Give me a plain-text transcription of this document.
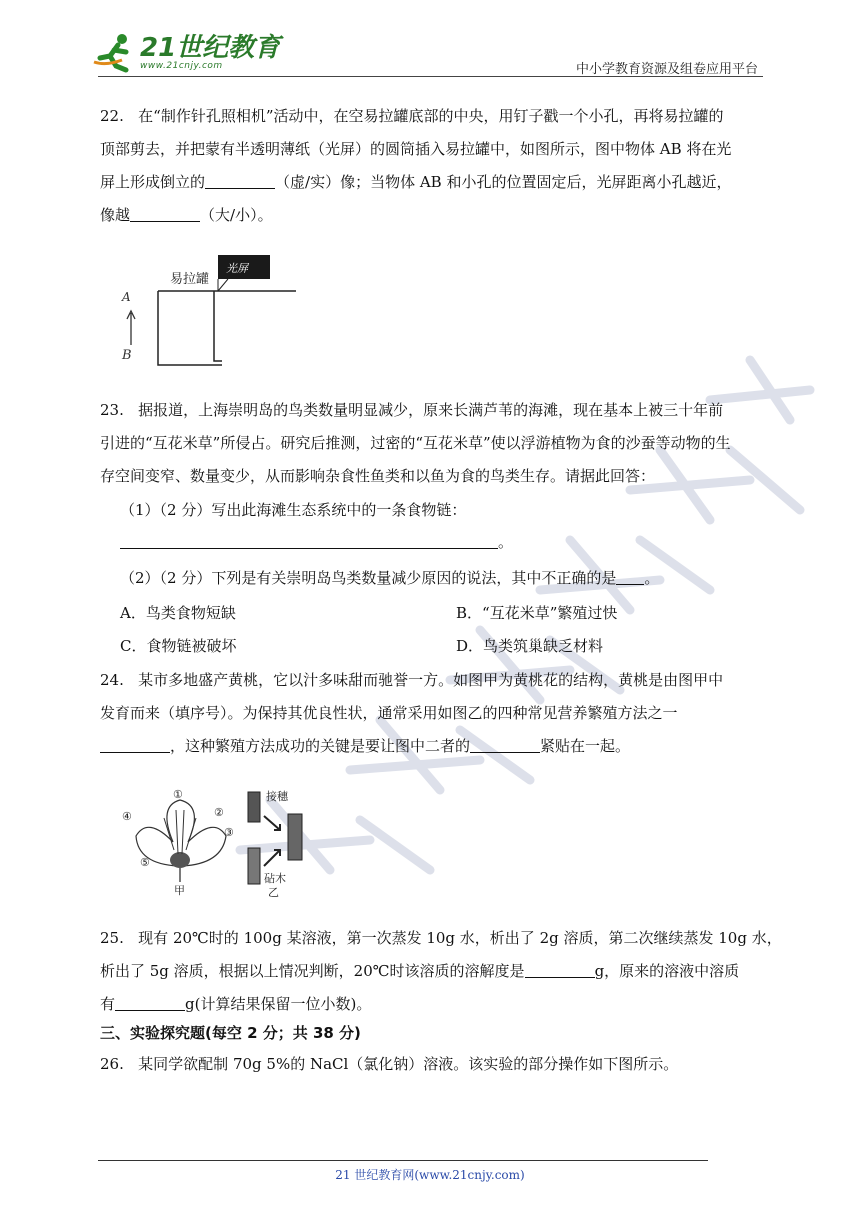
21世纪教育
www.21cnjy.com	中小学教育资源及组卷应用平台
22. 在“制作针孔照相机”活动中，在空易拉罐底部的中央，用钉子戳一个小孔，再将易拉罐的
顶部剪去，并把蒙有半透明薄纸（光屏）的圆筒插入易拉罐中，如图所示，图中物体 AB 将在光
屏上形成倒立的	（虚/实）像；当物体 AB 和小孔的位置固定后，光屏距离小孔越近，
像越	（大/小）。
光屏
易拉罐
A
B
23. 据报道，上海崇明岛的鸟类数量明显减少，原来长满芦苇的海滩，现在基本上被三十年前
引进的“互花米草”所侵占。研究后推测，过密的“互花米草”使以浮游植物为食的沙蚕等动物的生
存空间变窄、数量变少，从而影响杂食性鱼类和以鱼为食的鸟类生存。请据此回答：
（1）（2 分）写出此海滩生态系统中的一条食物链：
。
（2）（2 分）下列是有关崇明岛鸟类数量减少原因的说法，其中不正确的是 。
A．鸟类食物短缺	B．“互花米草”繁殖过快
C．食物链被破坏	D．鸟类筑巢缺乏材料
24. 某市多地盛产黄桃，它以汁多味甜而驰誉一方。如图甲为黄桃花的结构，黄桃是由图甲中
发育而来（填序号）。为保持其优良性状，通常采用如图乙的四种常见营养繁殖方法之一
，这种繁殖方法成功的关键是要让图中二者的	紧贴在一起。
①
②
③
④
⑤
甲
接穗
砧木
乙
25. 现有 20℃时的 100g 某溶液，第一次蒸发 10g 水，析出了 2g 溶质，第二次继续蒸发 10g 水，
析出了 5g 溶质，根据以上情况判断，20℃时该溶质的溶解度是	g，原来的溶液中溶质
有	g(计算结果保留一位小数)。
三、实验探究题(每空 2 分；共 38 分)
26. 某同学欲配制 70g 5%的 NaCl（氯化钠）溶液。该实验的部分操作如下图所示。
21 世纪教育网(www.21cnjy.com)
